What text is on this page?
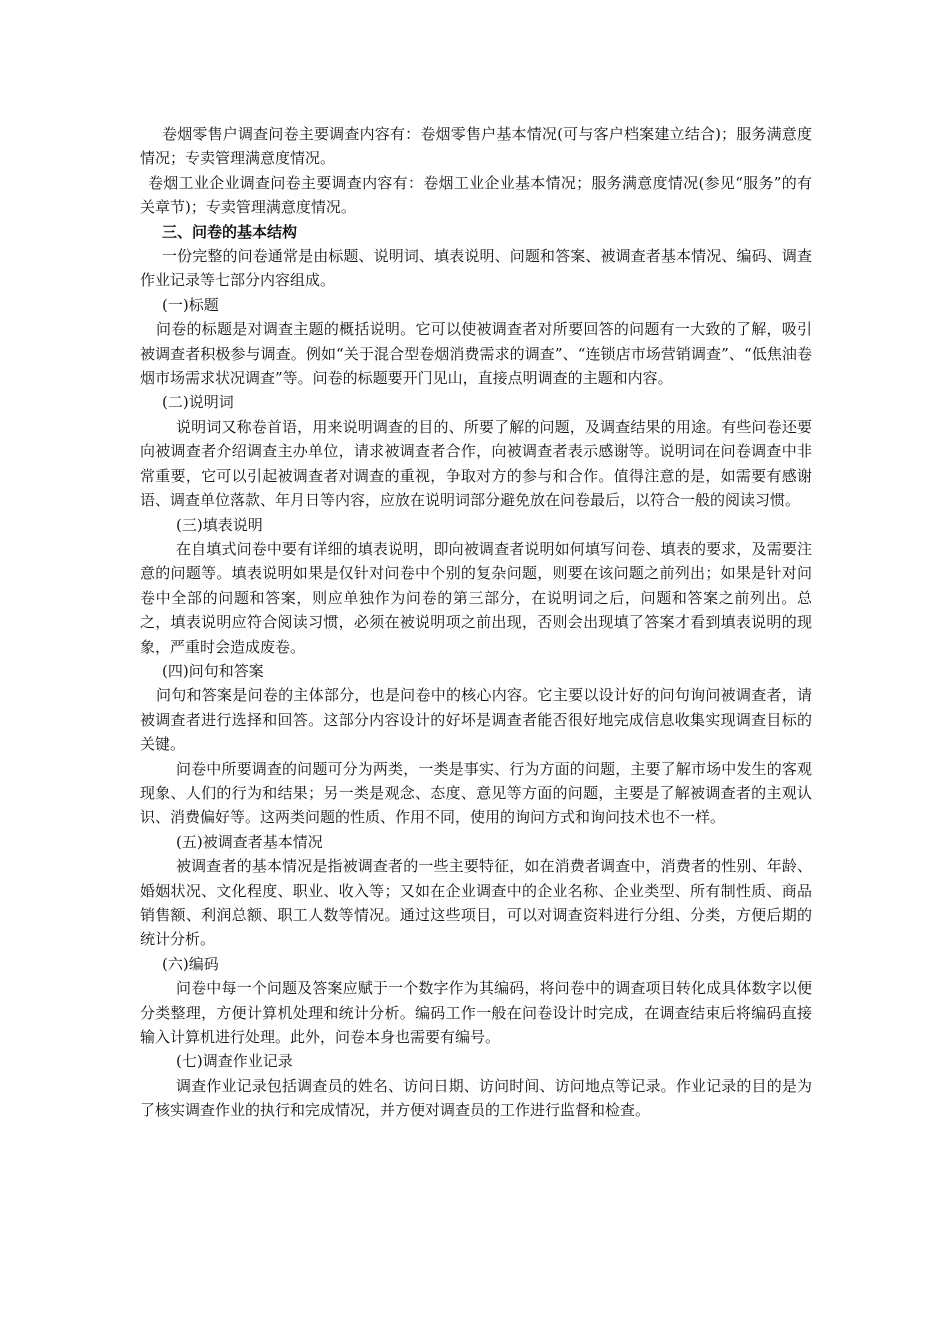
卷烟零售户调查问卷主要调查内容有：卷烟零售户基本情况(可与客户档案建立结合)；服务满意度情况；专卖管理满意度情况。

卷烟工业企业调查问卷主要调查内容有：卷烟工业企业基本情况；服务满意度情况(参见“服务”的有关章节)；专卖管理满意度情况。

三、问卷的基本结构

一份完整的问卷通常是由标题、说明词、填表说明、问题和答案、被调查者基本情况、编码、调查作业记录等七部分内容组成。

(一)标题

问卷的标题是对调查主题的概括说明。它可以使被调查者对所要回答的问题有一大致的了解，吸引被调查者积极参与调查。例如“关于混合型卷烟消费需求的调查”、“连锁店市场营销调查”、“低焦油卷烟市场需求状况调查”等。问卷的标题要开门见山，直接点明调查的主题和内容。

(二)说明词

说明词又称卷首语，用来说明调查的目的、所要了解的问题，及调查结果的用途。有些问卷还要向被调查者介绍调查主办单位，请求被调查者合作，向被调查者表示感谢等。说明词在问卷调查中非常重要，它可以引起被调查者对调查的重视，争取对方的参与和合作。值得注意的是，如需要有感谢语、调查单位落款、年月日等内容，应放在说明词部分避免放在问卷最后，以符合一般的阅读习惯。

(三)填表说明

在自填式问卷中要有详细的填表说明，即向被调查者说明如何填写问卷、填表的要求，及需要注意的问题等。填表说明如果是仅针对问卷中个别的复杂问题，则要在该问题之前列出；如果是针对问卷中全部的问题和答案，则应单独作为问卷的第三部分，在说明词之后，问题和答案之前列出。总之，填表说明应符合阅读习惯，必须在被说明项之前出现，否则会出现填了答案才看到填表说明的现象，严重时会造成废卷。

(四)问句和答案

问句和答案是问卷的主体部分，也是问卷中的核心内容。它主要以设计好的问句询问被调查者，请被调查者进行选择和回答。这部分内容设计的好坏是调查者能否很好地完成信息收集实现调查目标的关键。

问卷中所要调查的问题可分为两类，一类是事实、行为方面的问题，主要了解市场中发生的客观现象、人们的行为和结果；另一类是观念、态度、意见等方面的问题，主要是了解被调查者的主观认识、消费偏好等。这两类问题的性质、作用不同，使用的询问方式和询问技术也不一样。

(五)被调查者基本情况

被调查者的基本情况是指被调查者的一些主要特征，如在消费者调查中，消费者的性别、年龄、婚姻状况、文化程度、职业、收入等；又如在企业调查中的企业名称、企业类型、所有制性质、商品销售额、利润总额、职工人数等情况。通过这些项目，可以对调查资料进行分组、分类，方便后期的统计分析。

(六)编码

问卷中每一个问题及答案应赋于一个数字作为其编码，将问卷中的调查项目转化成具体数字以便分类整理，方便计算机处理和统计分析。编码工作一般在问卷设计时完成，在调查结束后将编码直接输入计算机进行处理。此外，问卷本身也需要有编号。

(七)调查作业记录

调查作业记录包括调查员的姓名、访问日期、访问时间、访问地点等记录。作业记录的目的是为了核实调查作业的执行和完成情况，并方便对调查员的工作进行监督和检查。
